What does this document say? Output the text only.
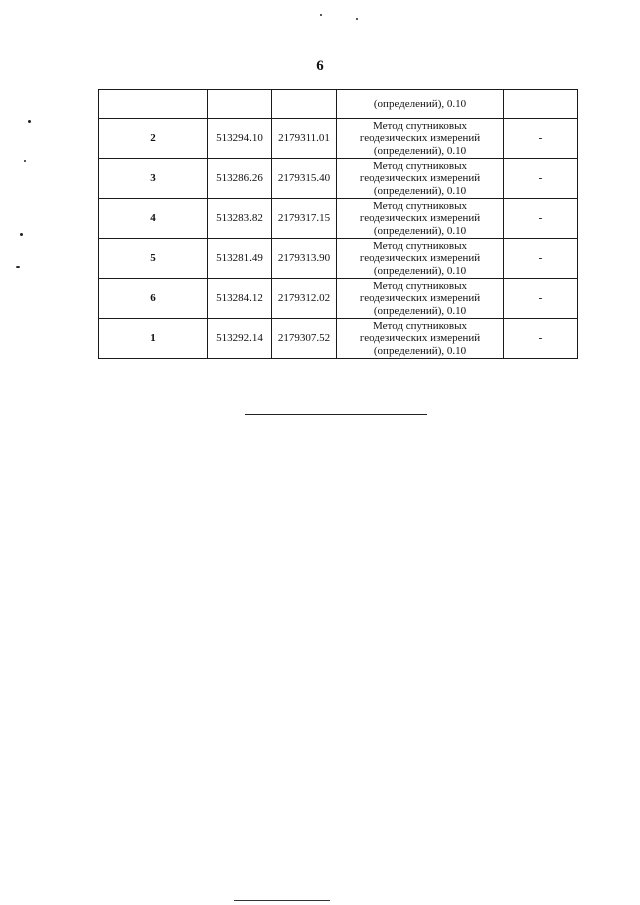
6

			(определений), 0.10	

2	513294.10	2179311.01	Метод спутниковых
геодезических измерений
(определений), 0.10	-
3	513286.26	2179315.40	Метод спутниковых
геодезических измерений
(определений), 0.10	-
4	513283.82	2179317.15	Метод спутниковых
геодезических измерений
(определений), 0.10	-
5	513281.49	2179313.90	Метод спутниковых
геодезических измерений
(определений), 0.10	-
6	513284.12	2179312.02	Метод спутниковых
геодезических измерений
(определений), 0.10	-
1	513292.14	2179307.52	Метод спутниковых
геодезических измерений
(определений), 0.10	-
